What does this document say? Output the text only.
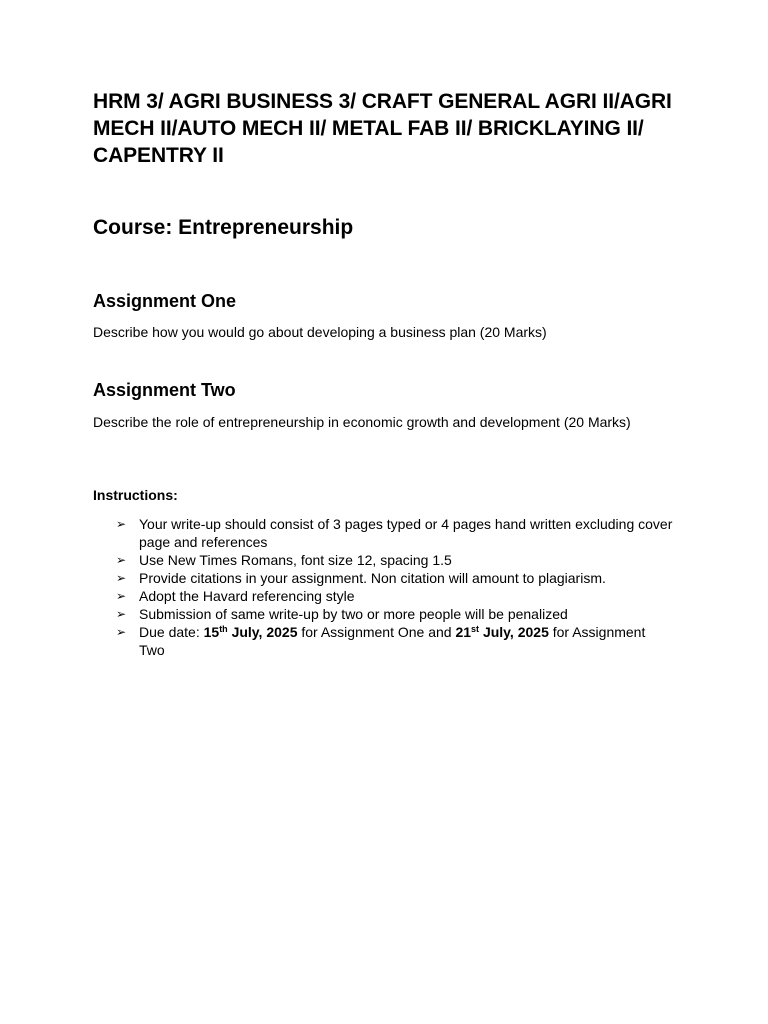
HRM 3/ AGRI BUSINESS 3/ CRAFT GENERAL AGRI II/AGRI MECH II/AUTO MECH II/ METAL FAB II/ BRICKLAYING II/ CAPENTRY II
Course: Entrepreneurship
Assignment One

Describe how you would go about developing a business plan (20 Marks)

Assignment Two

Describe the role of entrepreneurship in economic growth and development (20 Marks)

Instructions:

➢ Your write-up should consist of 3 pages typed or 4 pages hand written excluding cover page and references
➢ Use New Times Romans, font size 12, spacing 1.5
➢ Provide citations in your assignment. Non citation will amount to plagiarism.
➢ Adopt the Havard referencing style
➢ Submission of same write-up by two or more people will be penalized
➢ Due date: 15th July, 2025 for Assignment One and 21st July, 2025 for Assignment Two
